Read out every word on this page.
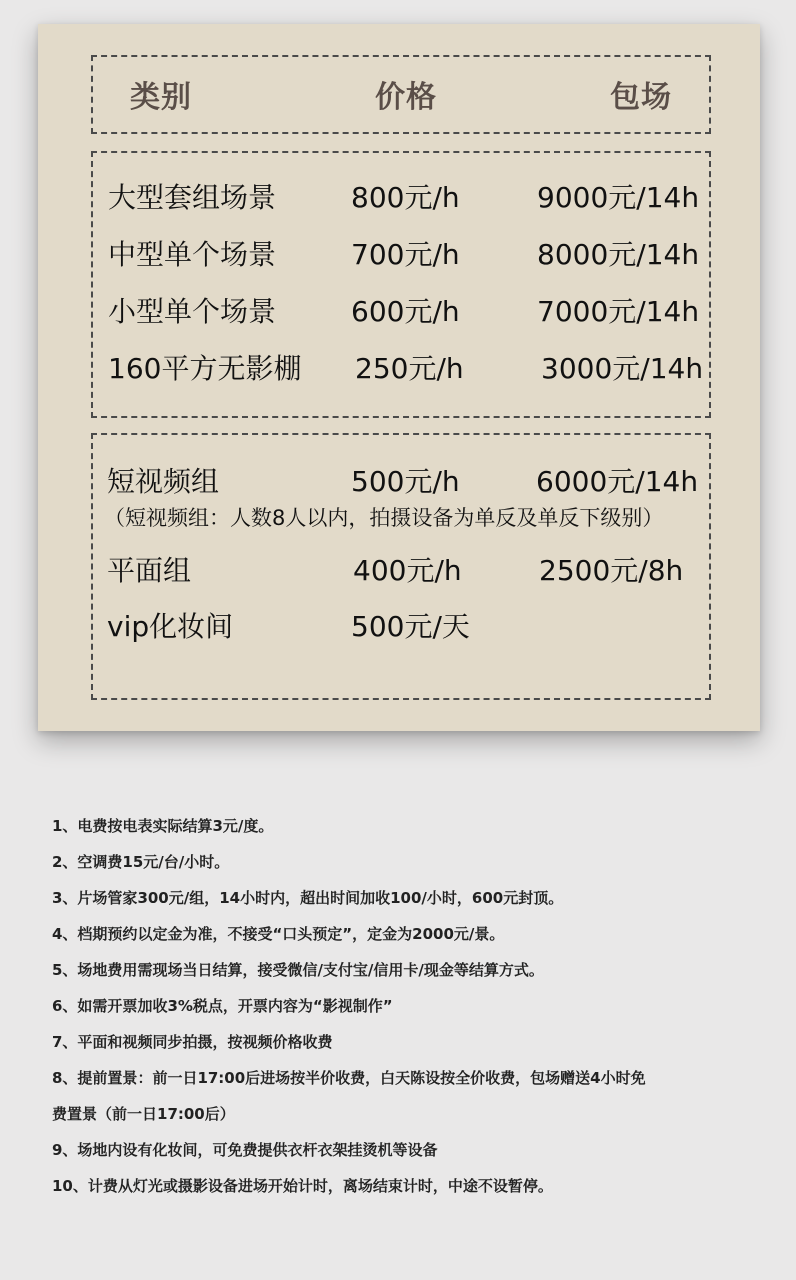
类别	价格	包场
大型套组场景	800元/h	9000元/14h
中型单个场景	700元/h	8000元/14h
小型单个场景	600元/h	7000元/14h
160平方无影棚 250元/h	3000元/14h
短视频组	500元/h	6000元/14h
（短视频组：人数8人以内，拍摄设备为单反及单反下级别）
平面组	400元/h	2500元/8h
vip化妆间	500元/天
1、电费按电表实际结算3元/度。
2、空调费15元/台/小时。
3、片场管家300元/组，14小时内，超出时间加收100/小时，600元封顶。
4、档期预约以定金为准，不接受“口头预定”，定金为2000元/景。
5、场地费用需现场当日结算，接受微信/支付宝/信用卡/现金等结算方式。
6、如需开票加收3%税点，开票内容为“影视制作”
7、平面和视频同步拍摄，按视频价格收费
8、提前置景：前一日17:00后进场按半价收费，白天陈设按全价收费，包场赠送4小时免
费置景（前一日17:00后）
9、场地内设有化妆间，可免费提供衣杆衣架挂烫机等设备
10、计费从灯光或摄影设备进场开始计时，离场结束计时，中途不设暂停。
